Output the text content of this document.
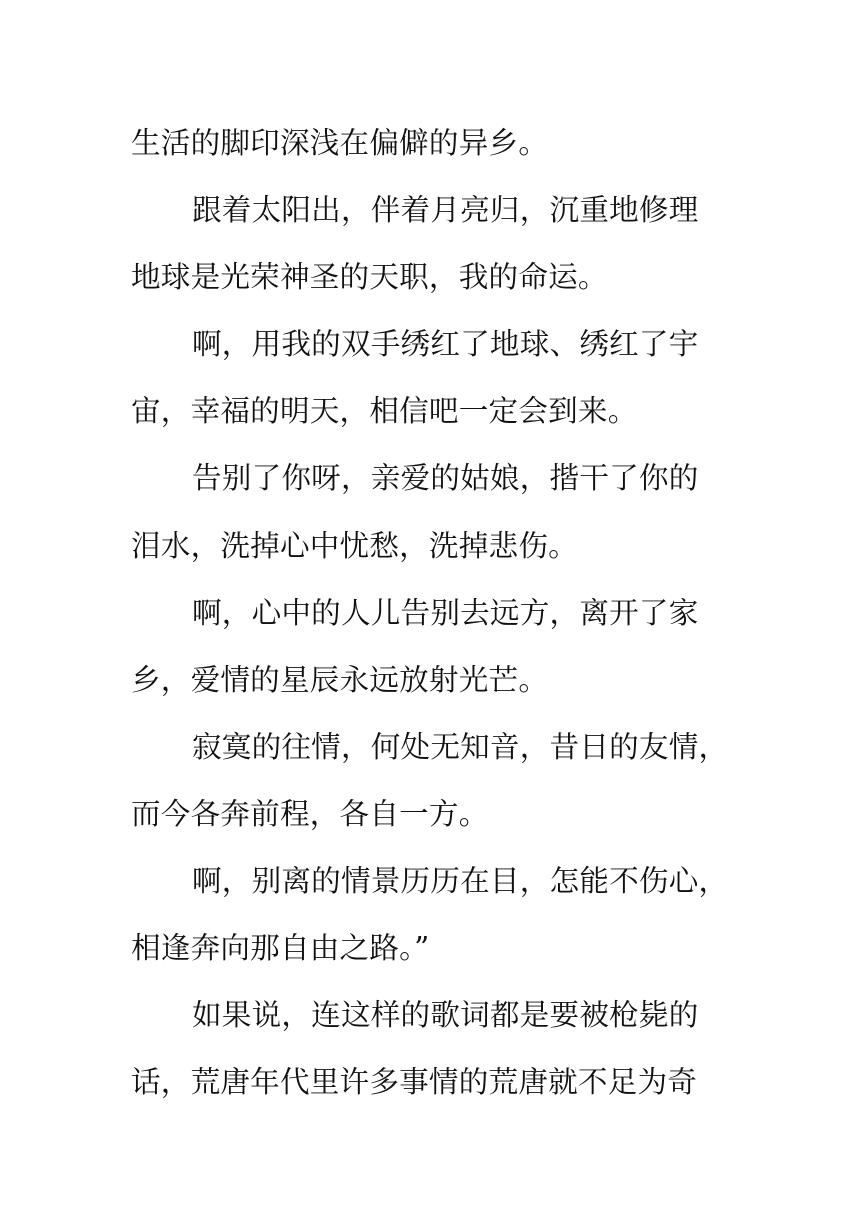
生活的脚印深浅在偏僻的异乡。
跟着太阳出，伴着月亮归，沉重地修理
地球是光荣神圣的天职，我的命运。
啊，用我的双手绣红了地球、绣红了宇
宙，幸福的明天，相信吧一定会到来。
告别了你呀，亲爱的姑娘，揩干了你的
泪水，洗掉心中忧愁，洗掉悲伤。
啊，心中的人儿告别去远方，离开了家
乡，爱情的星辰永远放射光芒。
寂寞的往情，何处无知音，昔日的友情，
而今各奔前程，各自一方。
啊，别离的情景历历在目，怎能不伤心，
相逢奔向那自由之路。”
如果说，连这样的歌词都是要被枪毙的
话，荒唐年代里许多事情的荒唐就不足为奇
